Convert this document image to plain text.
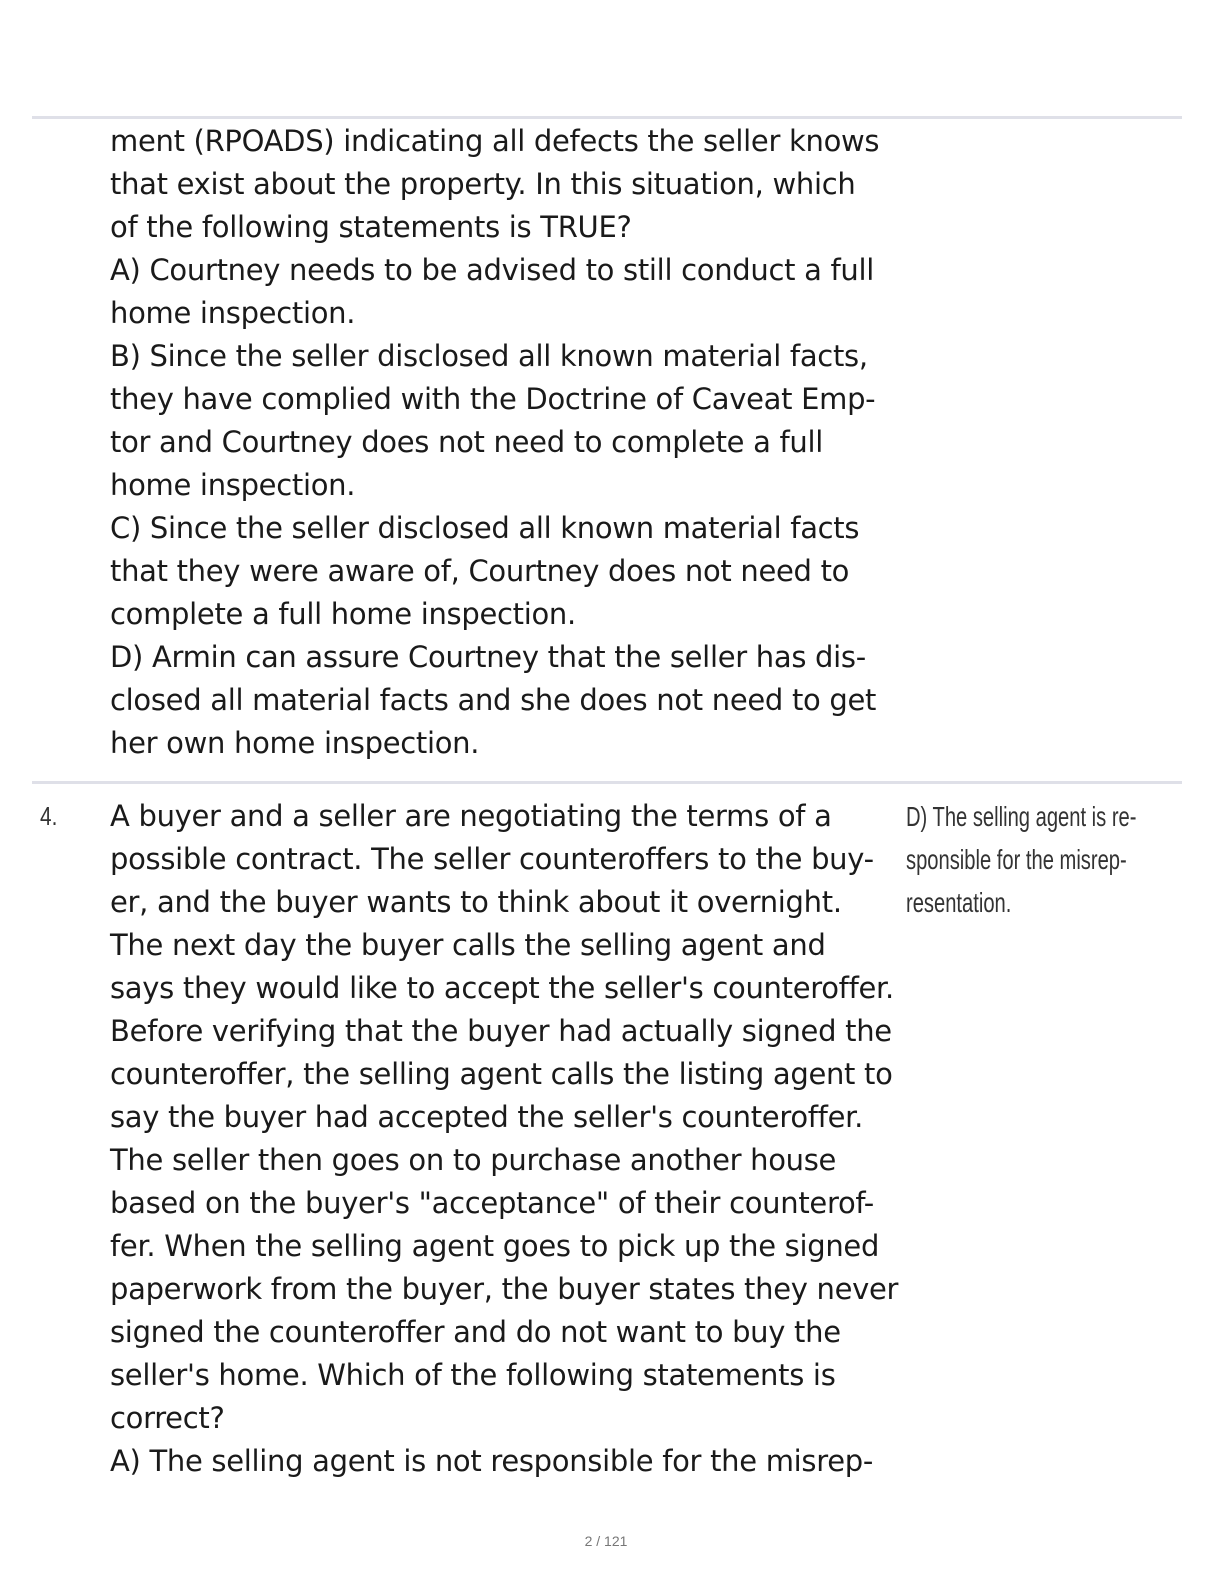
ment (RPOADS) indicating all defects the seller knows
that exist about the property. In this situation, which
of the following statements is TRUE?
A) Courtney needs to be advised to still conduct a full
home inspection.
B) Since the seller disclosed all known material facts,
they have complied with the Doctrine of Caveat Emp-
tor and Courtney does not need to complete a full
home inspection.
C) Since the seller disclosed all known material facts
that they were aware of, Courtney does not need to
complete a full home inspection.
D) Armin can assure Courtney that the seller has dis-
closed all material facts and she does not need to get
her own home inspection.
4. A buyer and a seller are negotiating the terms of a
possible contract. The seller counteroffers to the buy-
er, and the buyer wants to think about it overnight.
The next day the buyer calls the selling agent and
says they would like to accept the seller's counteroffer.
Before verifying that the buyer had actually signed the
counteroffer, the selling agent calls the listing agent to
say the buyer had accepted the seller's counteroffer.
The seller then goes on to purchase another house
based on the buyer's "acceptance" of their counterof-
fer. When the selling agent goes to pick up the signed
paperwork from the buyer, the buyer states they never
signed the counteroffer and do not want to buy the
seller's home. Which of the following statements is
correct?
A) The selling agent is not responsible for the misrep-
D) The selling agent is re-
sponsible for the misrep-
resentation.
2 / 121
